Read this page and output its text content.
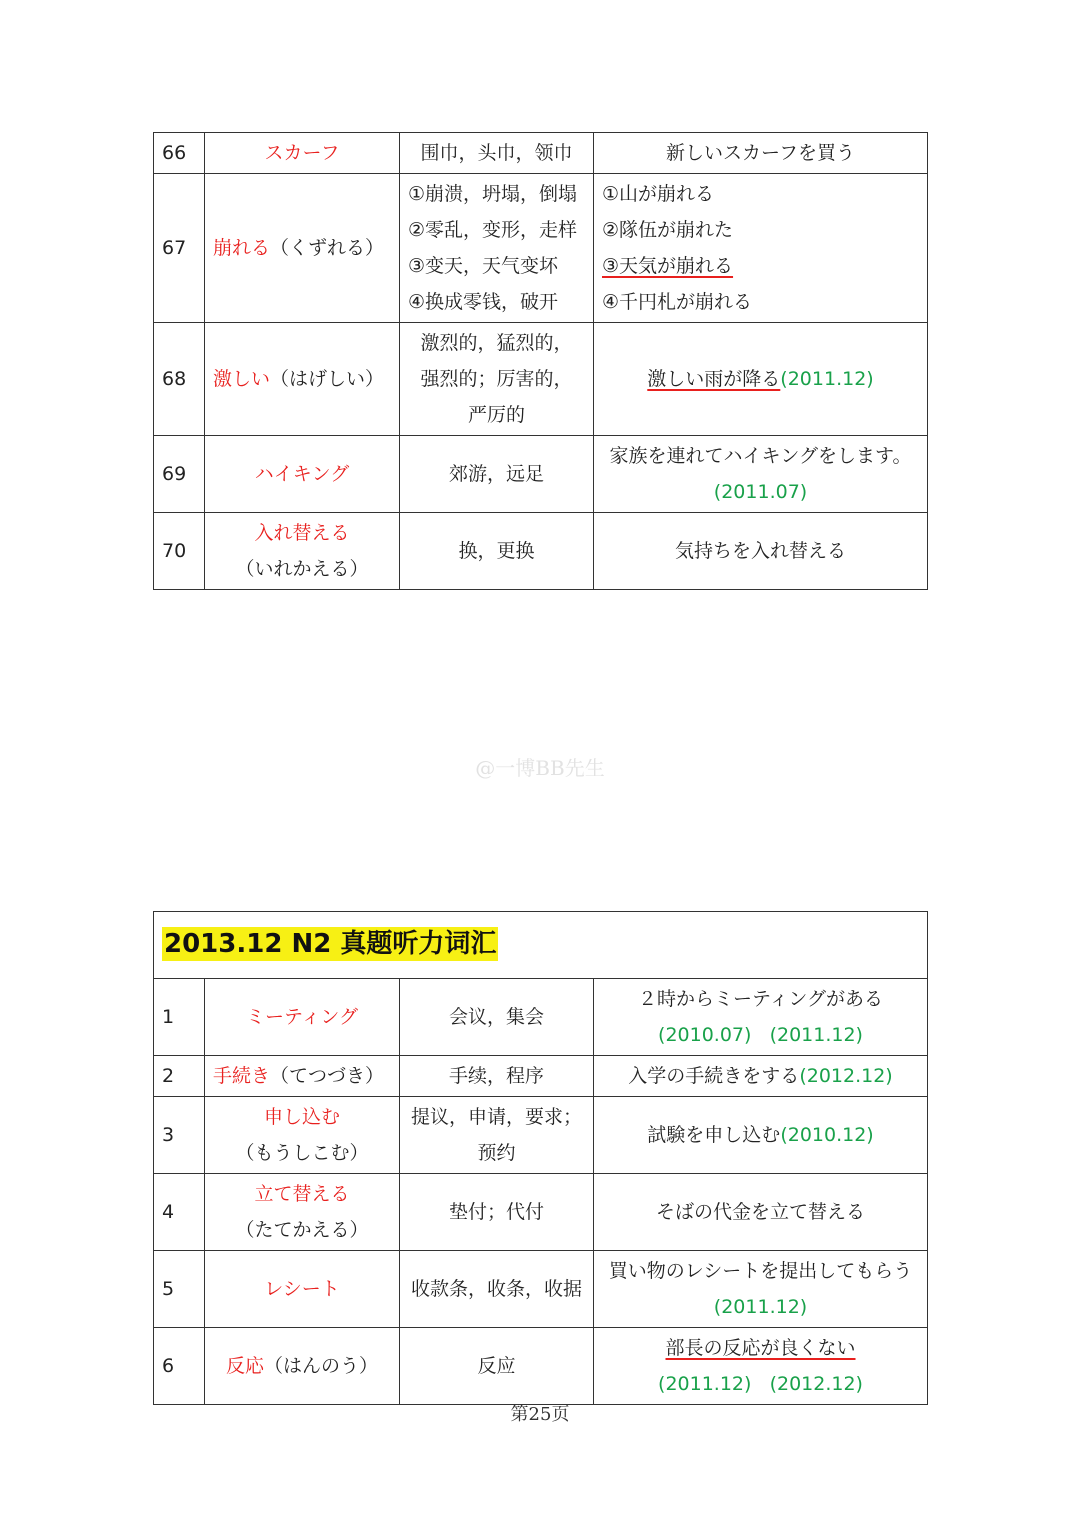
66	スカーフ	围巾，头巾，领巾	新しいスカーフを買う
67	崩れる（くずれる）	①崩溃，坍塌，倒塌
②零乱，变形，走样
③变天，天气变坏
④换成零钱，破开	①山が崩れる
②隊伍が崩れた
③天気が崩れる
④千円札が崩れる

68	激しい（はげしい）	激烈的，猛烈的，
强烈的；厉害的，
严厉的	激しい雨が降る(2011.12)
69	ハイキング	郊游，远足	家族を連れてハイキングをします。
(2011.07)

70	入れ替える
（いれかえる）	换，更换	気持ちを入れ替える
@一博BB先生
2013.12 N2 真题听力词汇			
1	ミーティング	会议，集会	２時からミーティングがある
(2010.07) (2011.12)

2	手続き（てつづき）	手续，程序	入学の手続きをする(2012.12)
3	申し込む
（もうしこむ）	提议，申请，要求；
预约	試験を申し込む(2010.12)
4	立て替える
（たてかえる）	垫付；代付	そばの代金を立て替える
5	レシート	收款条，收条，收据	買い物のレシートを提出してもらう
(2011.12)

6	反応（はんのう）	反应	部長の反応が良くない
(2011.12) (2012.12)
第25页
